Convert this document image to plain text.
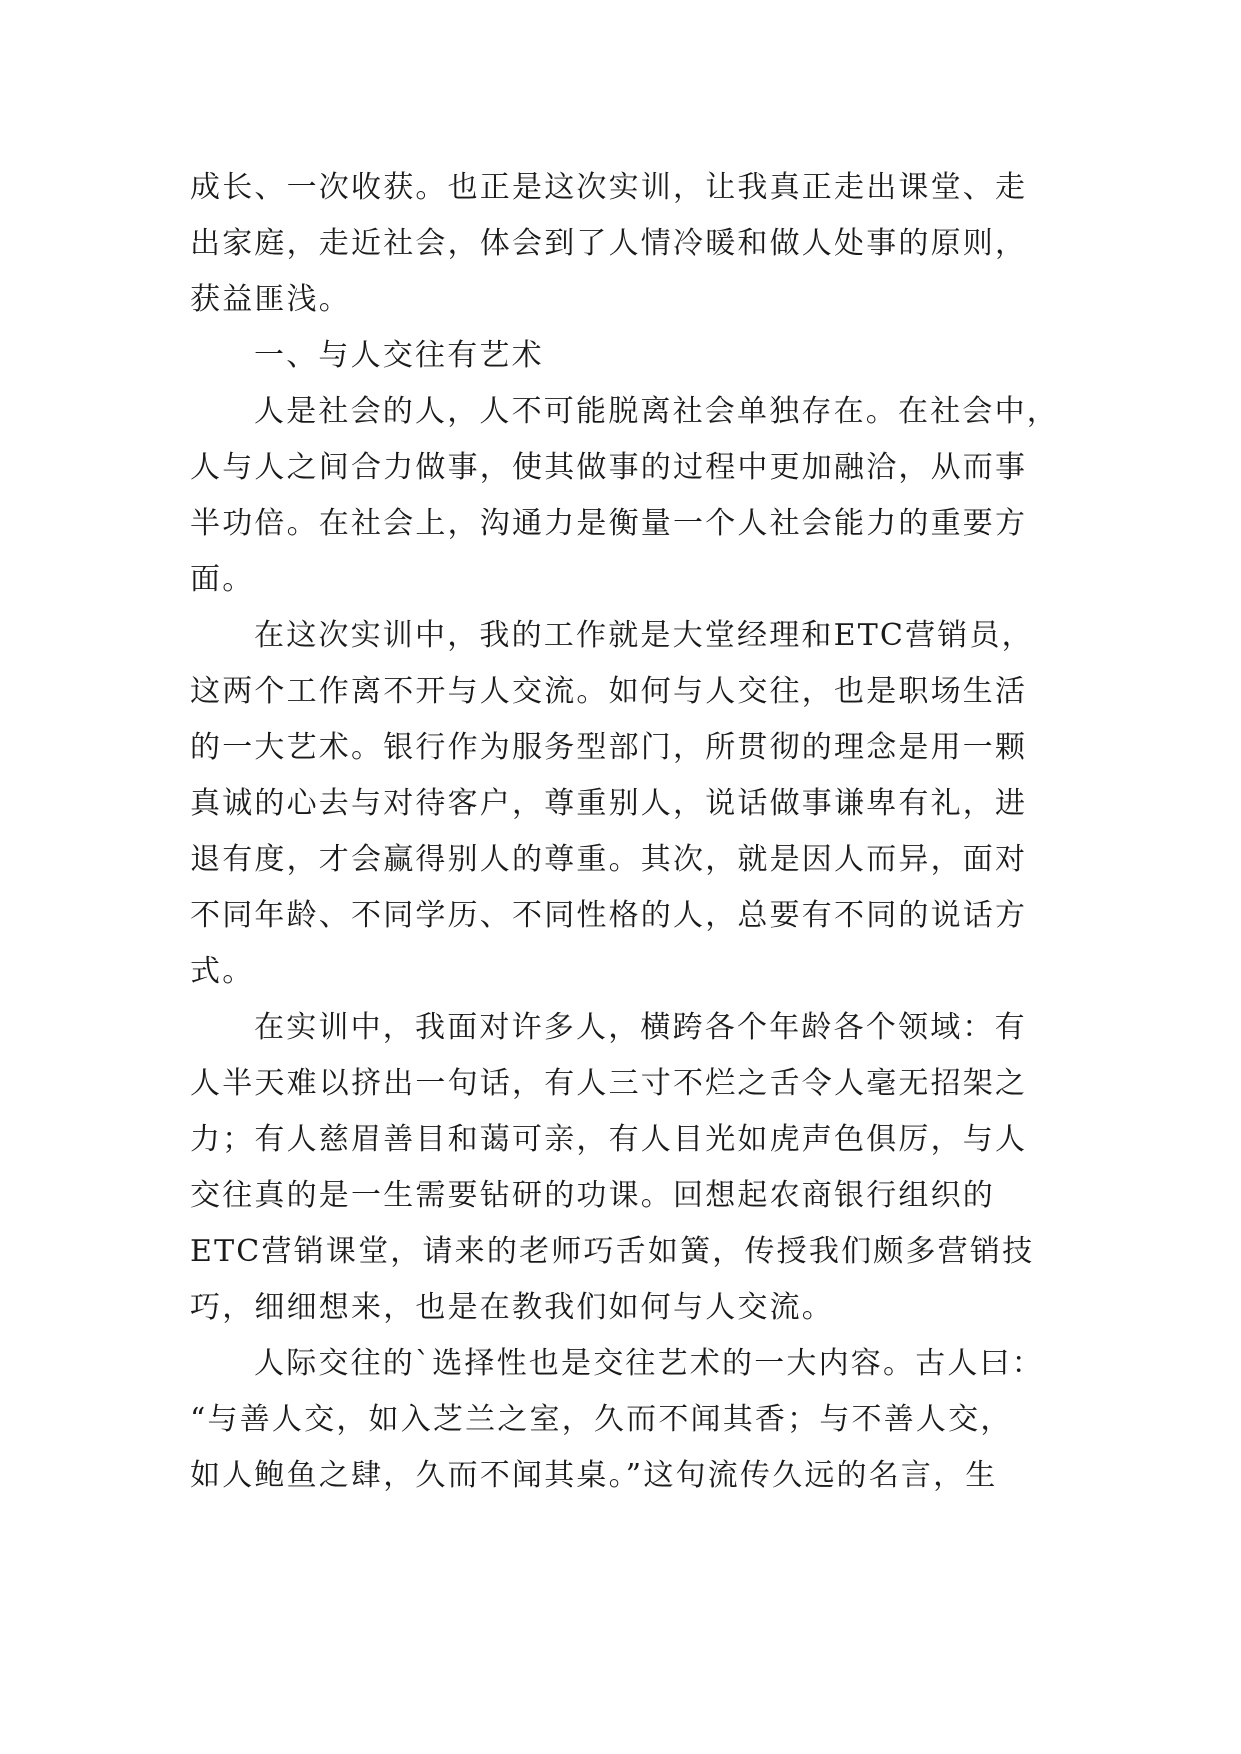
成长、一次收获。也正是这次实训，让我真正走出课堂、走
出家庭，走近社会，体会到了人情冷暖和做人处事的原则，
获益匪浅。
一、与人交往有艺术
人是社会的人，人不可能脱离社会单独存在。在社会中，
人与人之间合力做事，使其做事的过程中更加融洽，从而事
半功倍。在社会上，沟通力是衡量一个人社会能力的重要方
面。
在这次实训中，我的工作就是大堂经理和ETC营销员，
这两个工作离不开与人交流。如何与人交往，也是职场生活
的一大艺术。银行作为服务型部门，所贯彻的理念是用一颗
真诚的心去与对待客户，尊重别人，说话做事谦卑有礼，进
退有度，才会赢得别人的尊重。其次，就是因人而异，面对
不同年龄、不同学历、不同性格的人，总要有不同的说话方
式。
在实训中，我面对许多人，横跨各个年龄各个领域：有
人半天难以挤出一句话，有人三寸不烂之舌令人毫无招架之
力；有人慈眉善目和蔼可亲，有人目光如虎声色俱厉，与人
交往真的是一生需要钻研的功课。回想起农商银行组织的
ETC营销课堂，请来的老师巧舌如簧，传授我们颇多营销技
巧，细细想来，也是在教我们如何与人交流。
人际交往的`选择性也是交往艺术的一大内容。古人曰：
“与善人交，如入芝兰之室，久而不闻其香；与不善人交，
如人鲍鱼之肆，久而不闻其桌。”这句流传久远的名言，生
